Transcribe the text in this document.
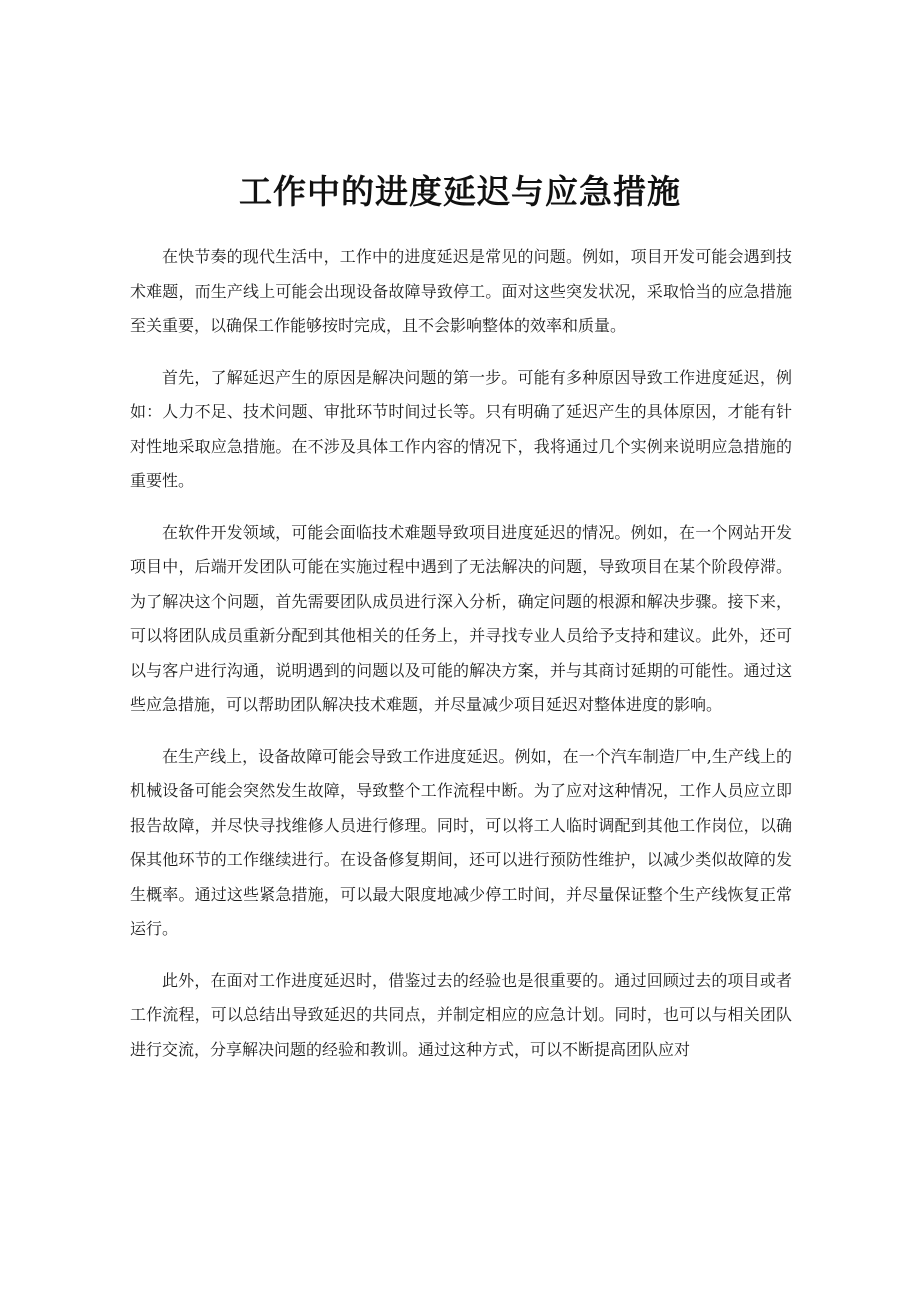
工作中的进度延迟与应急措施

在快节奏的现代生活中，工作中的进度延迟是常见的问题。例如，项目开发可能会遇到技术难题，而生产线上可能会出现设备故障导致停工。面对这些突发状况，采取恰当的应急措施至关重要，以确保工作能够按时完成，且不会影响整体的效率和质量。

首先，了解延迟产生的原因是解决问题的第一步。可能有多种原因导致工作进度延迟，例如：人力不足、技术问题、审批环节时间过长等。只有明确了延迟产生的具体原因，才能有针对性地采取应急措施。在不涉及具体工作内容的情况下，我将通过几个实例来说明应急措施的重要性。

在软件开发领域，可能会面临技术难题导致项目进度延迟的情况。例如，在一个网站开发项目中，后端开发团队可能在实施过程中遇到了无法解决的问题，导致项目在某个阶段停滞。为了解决这个问题，首先需要团队成员进行深入分析，确定问题的根源和解决步骤。接下来，可以将团队成员重新分配到其他相关的任务上，并寻找专业人员给予支持和建议。此外，还可以与客户进行沟通，说明遇到的问题以及可能的解决方案，并与其商讨延期的可能性。通过这些应急措施，可以帮助团队解决技术难题，并尽量减少项目延迟对整体进度的影响。

在生产线上，设备故障可能会导致工作进度延迟。例如，在一个汽车制造厂中,生产线上的机械设备可能会突然发生故障，导致整个工作流程中断。为了应对这种情况，工作人员应立即报告故障，并尽快寻找维修人员进行修理。同时，可以将工人临时调配到其他工作岗位，以确保其他环节的工作继续进行。在设备修复期间，还可以进行预防性维护，以减少类似故障的发生概率。通过这些紧急措施，可以最大限度地减少停工时间，并尽量保证整个生产线恢复正常运行。

此外，在面对工作进度延迟时，借鉴过去的经验也是很重要的。通过回顾过去的项目或者工作流程，可以总结出导致延迟的共同点，并制定相应的应急计划。同时，也可以与相关团队进行交流，分享解决问题的经验和教训。通过这种方式，可以不断提高团队应对
